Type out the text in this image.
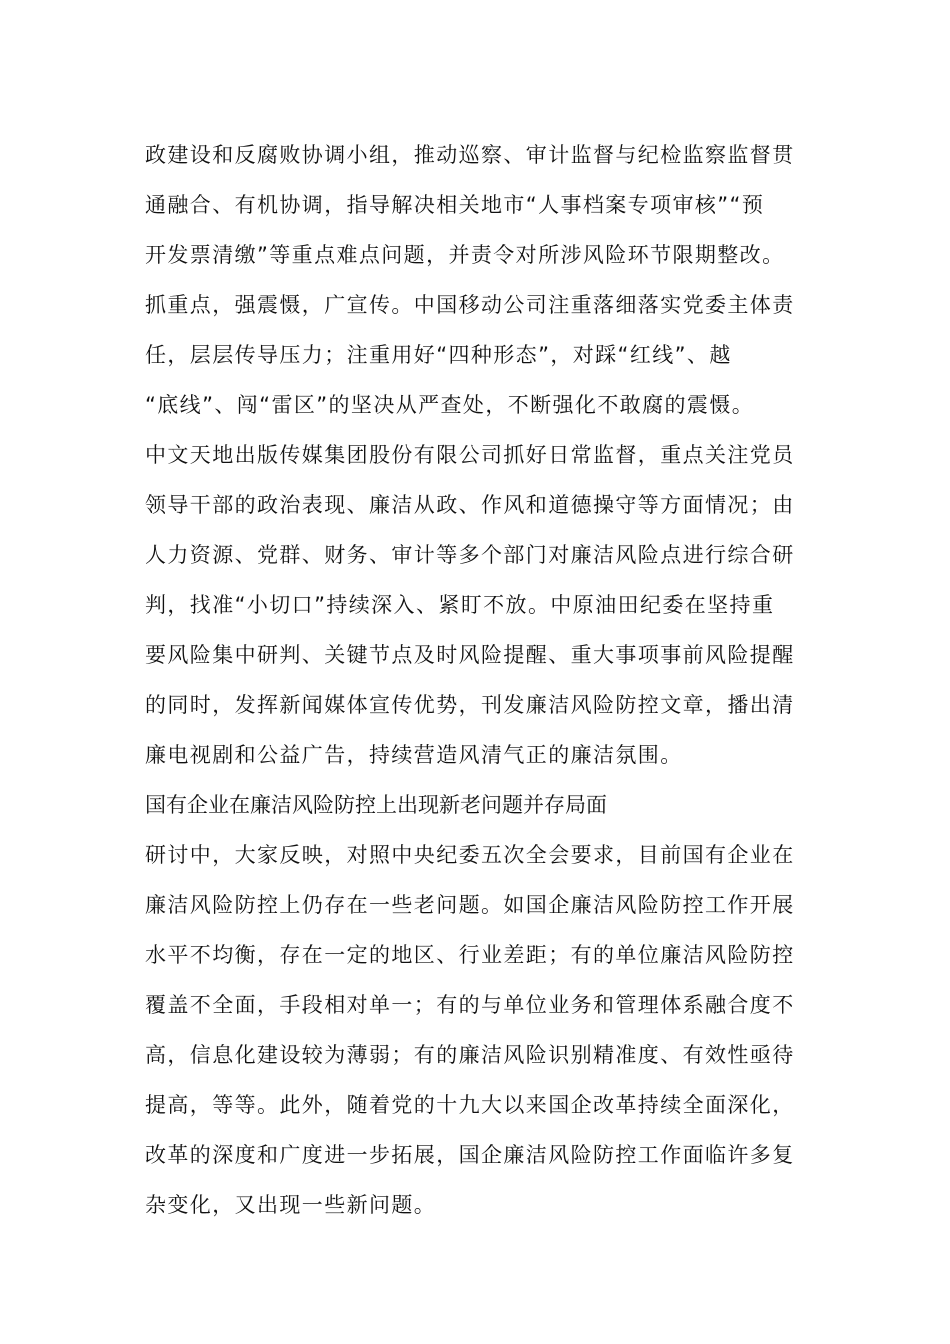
政建设和反腐败协调小组，推动巡察、审计监督与纪检监察监督贯
通融合、有机协调，指导解决相关地市“人事档案专项审核”“预
开发票清缴”等重点难点问题，并责令对所涉风险环节限期整改。
抓重点，强震慑，广宣传。中国移动公司注重落细落实党委主体责
任，层层传导压力；注重用好“四种形态”，对踩“红线”、越
“底线”、闯“雷区”的坚决从严查处，不断强化不敢腐的震慑。
中文天地出版传媒集团股份有限公司抓好日常监督，重点关注党员
领导干部的政治表现、廉洁从政、作风和道德操守等方面情况；由
人力资源、党群、财务、审计等多个部门对廉洁风险点进行综合研
判，找准“小切口”持续深入、紧盯不放。中原油田纪委在坚持重
要风险集中研判、关键节点及时风险提醒、重大事项事前风险提醒
的同时，发挥新闻媒体宣传优势，刊发廉洁风险防控文章，播出清
廉电视剧和公益广告，持续营造风清气正的廉洁氛围。
国有企业在廉洁风险防控上出现新老问题并存局面
研讨中，大家反映，对照中央纪委五次全会要求，目前国有企业在
廉洁风险防控上仍存在一些老问题。如国企廉洁风险防控工作开展
水平不均衡，存在一定的地区、行业差距；有的单位廉洁风险防控
覆盖不全面，手段相对单一；有的与单位业务和管理体系融合度不
高，信息化建设较为薄弱；有的廉洁风险识别精准度、有效性亟待
提高，等等。此外，随着党的十九大以来国企改革持续全面深化，
改革的深度和广度进一步拓展，国企廉洁风险防控工作面临许多复
杂变化，又出现一些新问题。
